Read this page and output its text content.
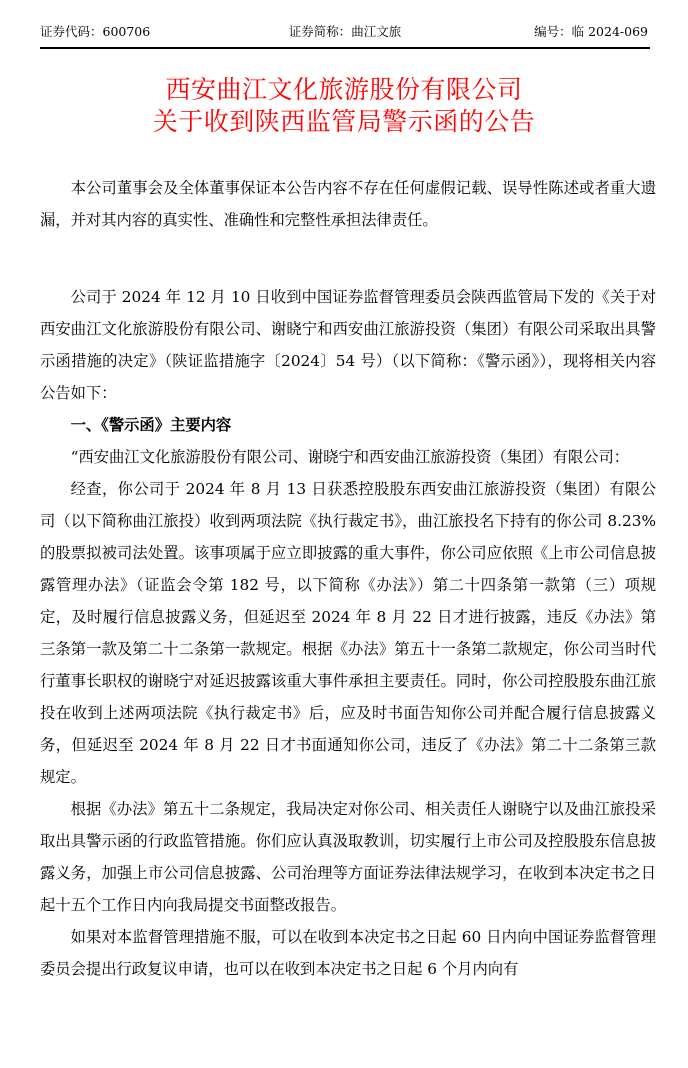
证券代码：600706	证券简称：曲江文旅	编号：临 2024-069
西安曲江文化旅游股份有限公司
关于收到陕西监管局警示函的公告

本公司董事会及全体董事保证本公告内容不存在任何虚假记载、误导性陈述或者重大遗漏，并对其内容的真实性、准确性和完整性承担法律责任。

公司于 2024 年 12 月 10 日收到中国证券监督管理委员会陕西监管局下发的《关于对西安曲江文化旅游股份有限公司、谢晓宁和西安曲江旅游投资（集团）有限公司采取出具警示函措施的决定》（陕证监措施字〔2024〕54 号）（以下简称：《警示函》），现将相关内容公告如下：

一、《警示函》主要内容

“西安曲江文化旅游股份有限公司、谢晓宁和西安曲江旅游投资（集团）有限公司：

经查，你公司于 2024 年 8 月 13 日获悉控股股东西安曲江旅游投资（集团）有限公司（以下简称曲江旅投）收到两项法院《执行裁定书》，曲江旅投名下持有的你公司 8.23%的股票拟被司法处置。该事项属于应立即披露的重大事件，你公司应依照《上市公司信息披露管理办法》（证监会令第 182 号，以下简称《办法》）第二十四条第一款第（三）项规定，及时履行信息披露义务，但延迟至 2024 年 8 月 22 日才进行披露，违反《办法》第三条第一款及第二十二条第一款规定。根据《办法》第五十一条第二款规定，你公司当时代行董事长职权的谢晓宁对延迟披露该重大事件承担主要责任。同时，你公司控股股东曲江旅投在收到上述两项法院《执行裁定书》后，应及时书面告知你公司并配合履行信息披露义务，但延迟至 2024 年 8 月 22 日才书面通知你公司，违反了《办法》第二十二条第三款规定。

根据《办法》第五十二条规定，我局决定对你公司、相关责任人谢晓宁以及曲江旅投采取出具警示函的行政监管措施。你们应认真汲取教训，切实履行上市公司及控股股东信息披露义务，加强上市公司信息披露、公司治理等方面证券法律法规学习，在收到本决定书之日起十五个工作日内向我局提交书面整改报告。

如果对本监督管理措施不服，可以在收到本决定书之日起 60 日内向中国证券监督管理委员会提出行政复议申请，也可以在收到本决定书之日起 6 个月内向有
